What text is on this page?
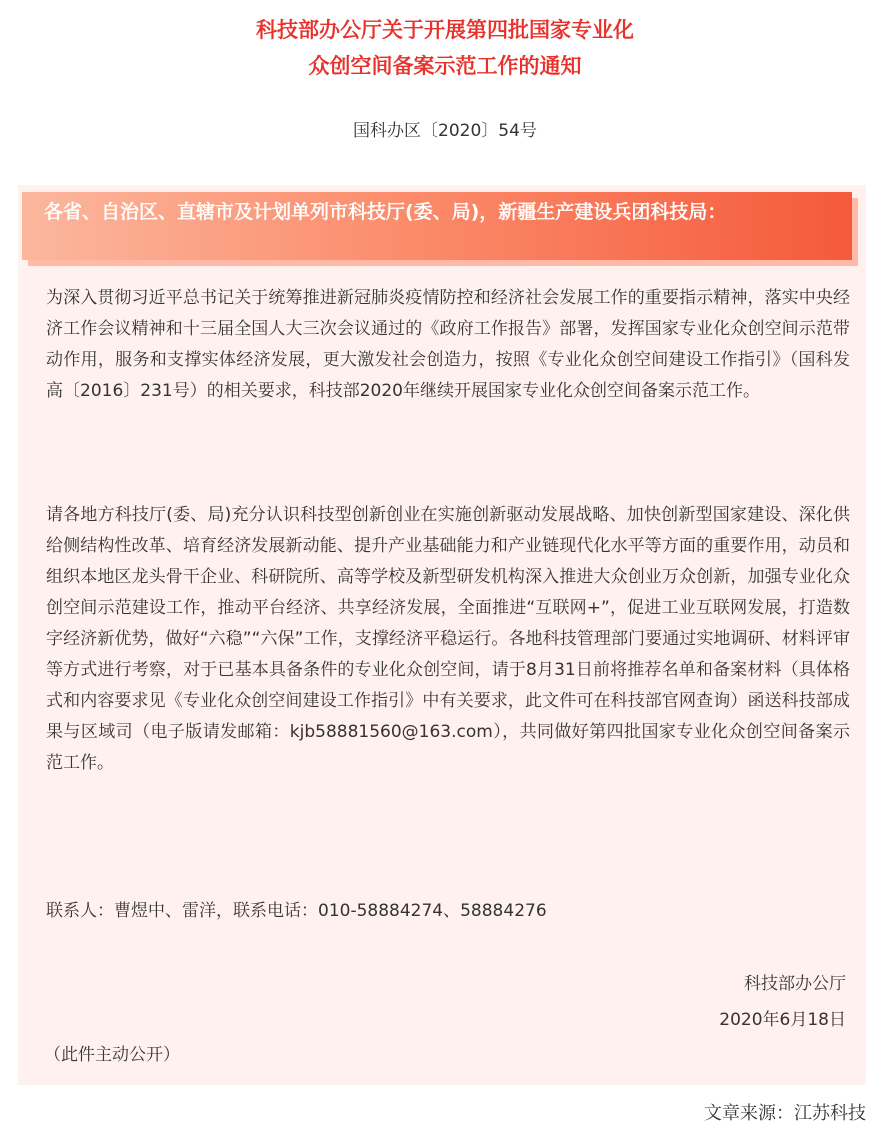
科技部办公厅关于开展第四批国家专业化
众创空间备案示范工作的通知
国科办区〔2020〕54号
各省、自治区、直辖市及计划单列市科技厅(委、局)，新疆生产建设兵团科技局：
为深入贯彻习近平总书记关于统筹推进新冠肺炎疫情防控和经济社会发展工作的重要指示精神，落实中央经济工作会议精神和十三届全国人大三次会议通过的《政府工作报告》部署，发挥国家专业化众创空间示范带动作用，服务和支撑实体经济发展，更大激发社会创造力，按照《专业化众创空间建设工作指引》（国科发高〔2016〕231号）的相关要求，科技部2020年继续开展国家专业化众创空间备案示范工作。
请各地方科技厅(委、局)充分认识科技型创新创业在实施创新驱动发展战略、加快创新型国家建设、深化供给侧结构性改革、培育经济发展新动能、提升产业基础能力和产业链现代化水平等方面的重要作用，动员和组织本地区龙头骨干企业、科研院所、高等学校及新型研发机构深入推进大众创业万众创新，加强专业化众创空间示范建设工作，推动平台经济、共享经济发展，全面推进“互联网+”，促进工业互联网发展，打造数字经济新优势，做好“六稳”“六保”工作，支撑经济平稳运行。各地科技管理部门要通过实地调研、材料评审等方式进行考察，对于已基本具备条件的专业化众创空间，请于8月31日前将推荐名单和备案材料（具体格式和内容要求见《专业化众创空间建设工作指引》中有关要求，此文件可在科技部官网查询）函送科技部成果与区域司（电子版请发邮箱：kjb58881560@163.com），共同做好第四批国家专业化众创空间备案示范工作。
联系人：曹煜中、雷洋，联系电话：010-58884274、58884276
科技部办公厅
2020年6月18日
（此件主动公开）
文章来源：江苏科技
